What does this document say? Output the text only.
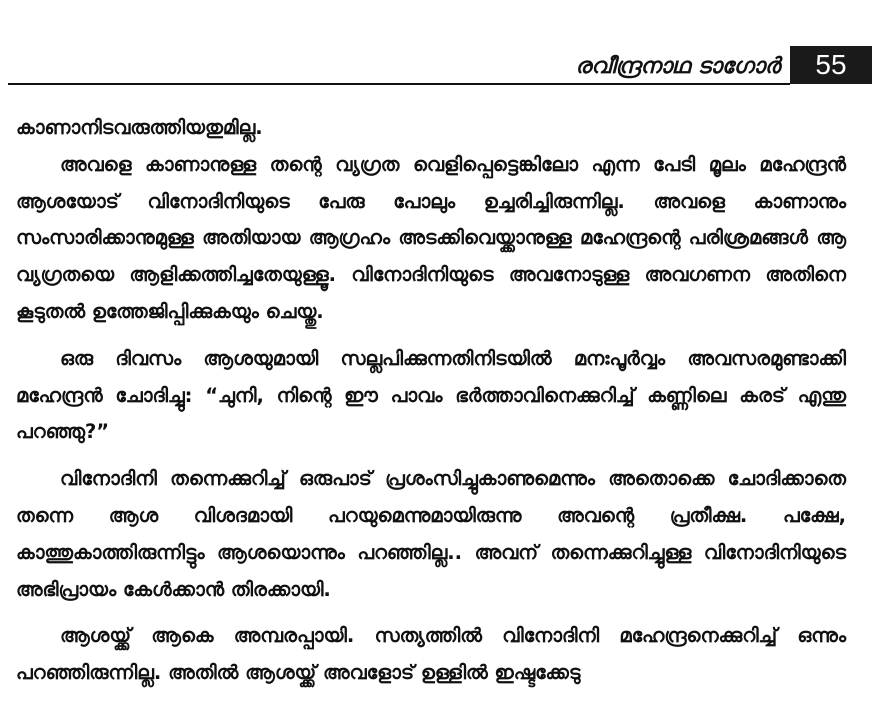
രവീന്ദ്രനാഥ ടാഗോർ	55

കാണാനിടവരുത്തിയതുമില്ല.

അവളെ കാണാനുള്ള തന്റെ വ്യഗ്രത വെളിപ്പെട്ടെങ്കിലോ എന്ന പേടി മൂലം മഹേന്ദ്രൻ ആശയോട് വിനോദിനിയുടെ പേരു പോലും ഉച്ചരിച്ചിരുന്നില്ല. അവളെ കാണാനും സംസാരിക്കാനുമുള്ള അതിയായ ആഗ്രഹം അടക്കിവെയ്ക്കാനുള്ള മഹേന്ദ്രന്റെ പരിശ്രമങ്ങൾ ആ വ്യഗ്രതയെ ആളിക്കത്തിച്ചതേയുള്ളൂ. വിനോദിനിയുടെ അവനോടുള്ള അവഗണന അതിനെ കൂടുതൽ ഉത്തേജിപ്പിക്കുകയും ചെയ്തു.

ഒരു ദിവസം ആശയുമായി സല്ലപിക്കുന്നതിനിടയിൽ മനഃപൂർവ്വം അവസരമുണ്ടാക്കി മഹേന്ദ്രൻ ചോദിച്ചു: “ചുനി, നിന്റെ ഈ പാവം ഭർത്താവിനെക്കുറിച്ച് കണ്ണിലെ കരട് എന്തു പറഞ്ഞു?”

വിനോദിനി തന്നെക്കുറിച്ച് ഒരുപാട് പ്രശംസിച്ചുകാണുമെന്നും അതൊക്കെ ചോദിക്കാതെ തന്നെ ആശ വിശദമായി പറയുമെന്നുമായിരുന്നു അവന്റെ പ്രതീക്ഷ. പക്ഷേ, കാത്തുകാത്തിരുന്നിട്ടും ആശയൊന്നും പറഞ്ഞില്ല.. അവന് തന്നെക്കുറിച്ചുള്ള വിനോദിനിയുടെ അഭിപ്രായം കേൾക്കാൻ തിരക്കായി.

ആശയ്ക്ക് ആകെ അമ്പരപ്പായി. സത്യത്തിൽ വിനോദിനി മഹേന്ദ്രനെക്കുറിച്ച് ഒന്നും പറഞ്ഞിരുന്നില്ല. അതിൽ ആശയ്ക്ക് അവളോട് ഉള്ളിൽ ഇഷ്ടക്കേടു
